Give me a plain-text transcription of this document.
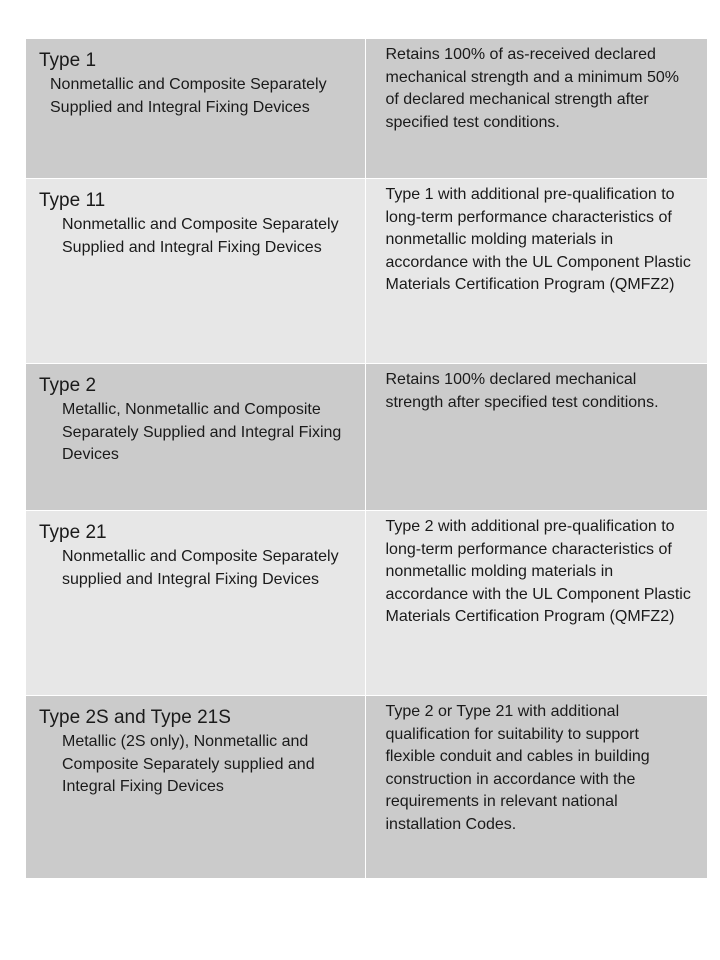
Type 1
Nonmetallic and Composite Separately Supplied and Integral Fixing Devices	Retains 100% of as-received declared mechanical strength and a minimum 50% of declared mechanical strength after specified test conditions.

Type 11
Nonmetallic and Composite Separately Supplied and Integral Fixing Devices	Type 1 with additional pre-qualification to long-term performance characteristics of nonmetallic molding materials in accordance with the UL Component Plastic Materials Certification Program (QMFZ2)

Type 2
Metallic, Nonmetallic and Composite Separately Supplied and Integral Fixing Devices	Retains 100% declared mechanical strength after specified test conditions.

Type 21
Nonmetallic and Composite Separately supplied and Integral Fixing Devices	Type 2 with additional pre-qualification to long-term performance characteristics of nonmetallic molding materials in accordance with the UL Component Plastic Materials Certification Program (QMFZ2)

Type 2S and Type 21S
Metallic (2S only), Nonmetallic and Composite Separately supplied and Integral Fixing Devices	Type 2 or Type 21 with additional qualification for suitability to support flexible conduit and cables in building construction in accordance with the requirements in relevant national installation Codes.
